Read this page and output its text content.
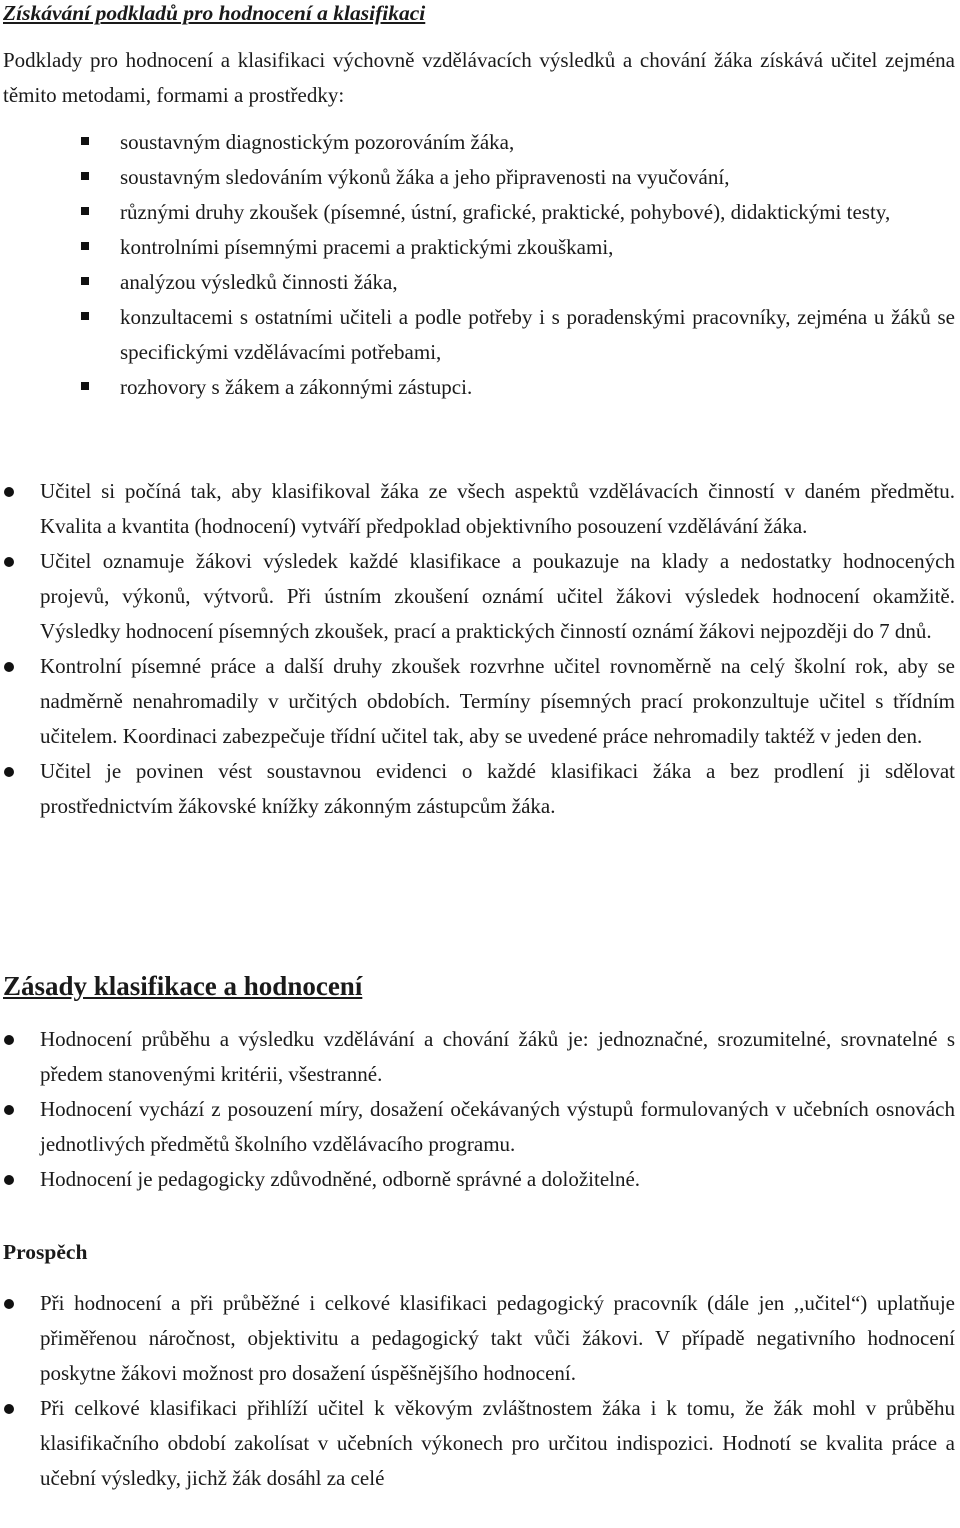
Získávání podkladů pro hodnocení a klasifikaci

Podklady pro hodnocení a klasifikaci výchovně vzdělávacích výsledků a chování žáka získává učitel zejména těmito metodami, formami a prostředky:

soustavným diagnostickým pozorováním žáka,
soustavným sledováním výkonů žáka a jeho připravenosti na vyučování,
různými druhy zkoušek (písemné, ústní, grafické, praktické, pohybové), didaktickými testy,
kontrolními písemnými pracemi a praktickými zkouškami,
analýzou výsledků činnosti žáka,
konzultacemi s ostatními učiteli a podle potřeby i s poradenskými pracovníky, zejména u žáků se specifickými vzdělávacími potřebami,
rozhovory s žákem a zákonnými zástupci.
Učitel si počíná tak, aby klasifikoval žáka ze všech aspektů vzdělávacích činností v daném předmětu. Kvalita a kvantita (hodnocení) vytváří předpoklad objektivního posouzení vzdělávání žáka.
Učitel oznamuje žákovi výsledek každé klasifikace a poukazuje na klady a nedostatky hodnocených projevů, výkonů, výtvorů. Při ústním zkoušení oznámí učitel žákovi výsledek hodnocení okamžitě. Výsledky hodnocení písemných zkoušek, prací a praktických činností oznámí žákovi nejpozději do 7 dnů.
Kontrolní písemné práce a další druhy zkoušek rozvrhne učitel rovnoměrně na celý školní rok, aby se nadměrně nenahromadily v určitých obdobích. Termíny písemných prací prokonzultuje učitel s třídním učitelem. Koordinaci zabezpečuje třídní učitel tak, aby se uvedené práce nehromadily taktéž v jeden den.
Učitel je povinen vést soustavnou evidenci o každé klasifikaci žáka a bez prodlení ji sdělovat prostřednictvím žákovské knížky zákonným zástupcům žáka.
Zásady klasifikace a hodnocení
Hodnocení průběhu a výsledku vzdělávání a chování žáků je: jednoznačné, srozumitelné, srovnatelné s předem stanovenými kritérii, všestranné.
Hodnocení vychází z posouzení míry, dosažení očekávaných výstupů formulovaných v učebních osnovách jednotlivých předmětů školního vzdělávacího programu.
Hodnocení je pedagogicky zdůvodněné, odborně správné a doložitelné.
Prospěch
Při hodnocení a při průběžné i celkové klasifikaci pedagogický pracovník (dále jen ,,učitel“) uplatňuje přiměřenou náročnost, objektivitu a pedagogický takt vůči žákovi. V případě negativního hodnocení poskytne žákovi možnost pro dosažení úspěšnějšího hodnocení.
Při celkové klasifikaci přihlíží učitel k věkovým zvláštnostem žáka i k tomu, že žák mohl v průběhu klasifikačního období zakolísat v učebních výkonech pro určitou indispozici. Hodnotí se kvalita práce a učební výsledky, jichž žák dosáhl za celé
